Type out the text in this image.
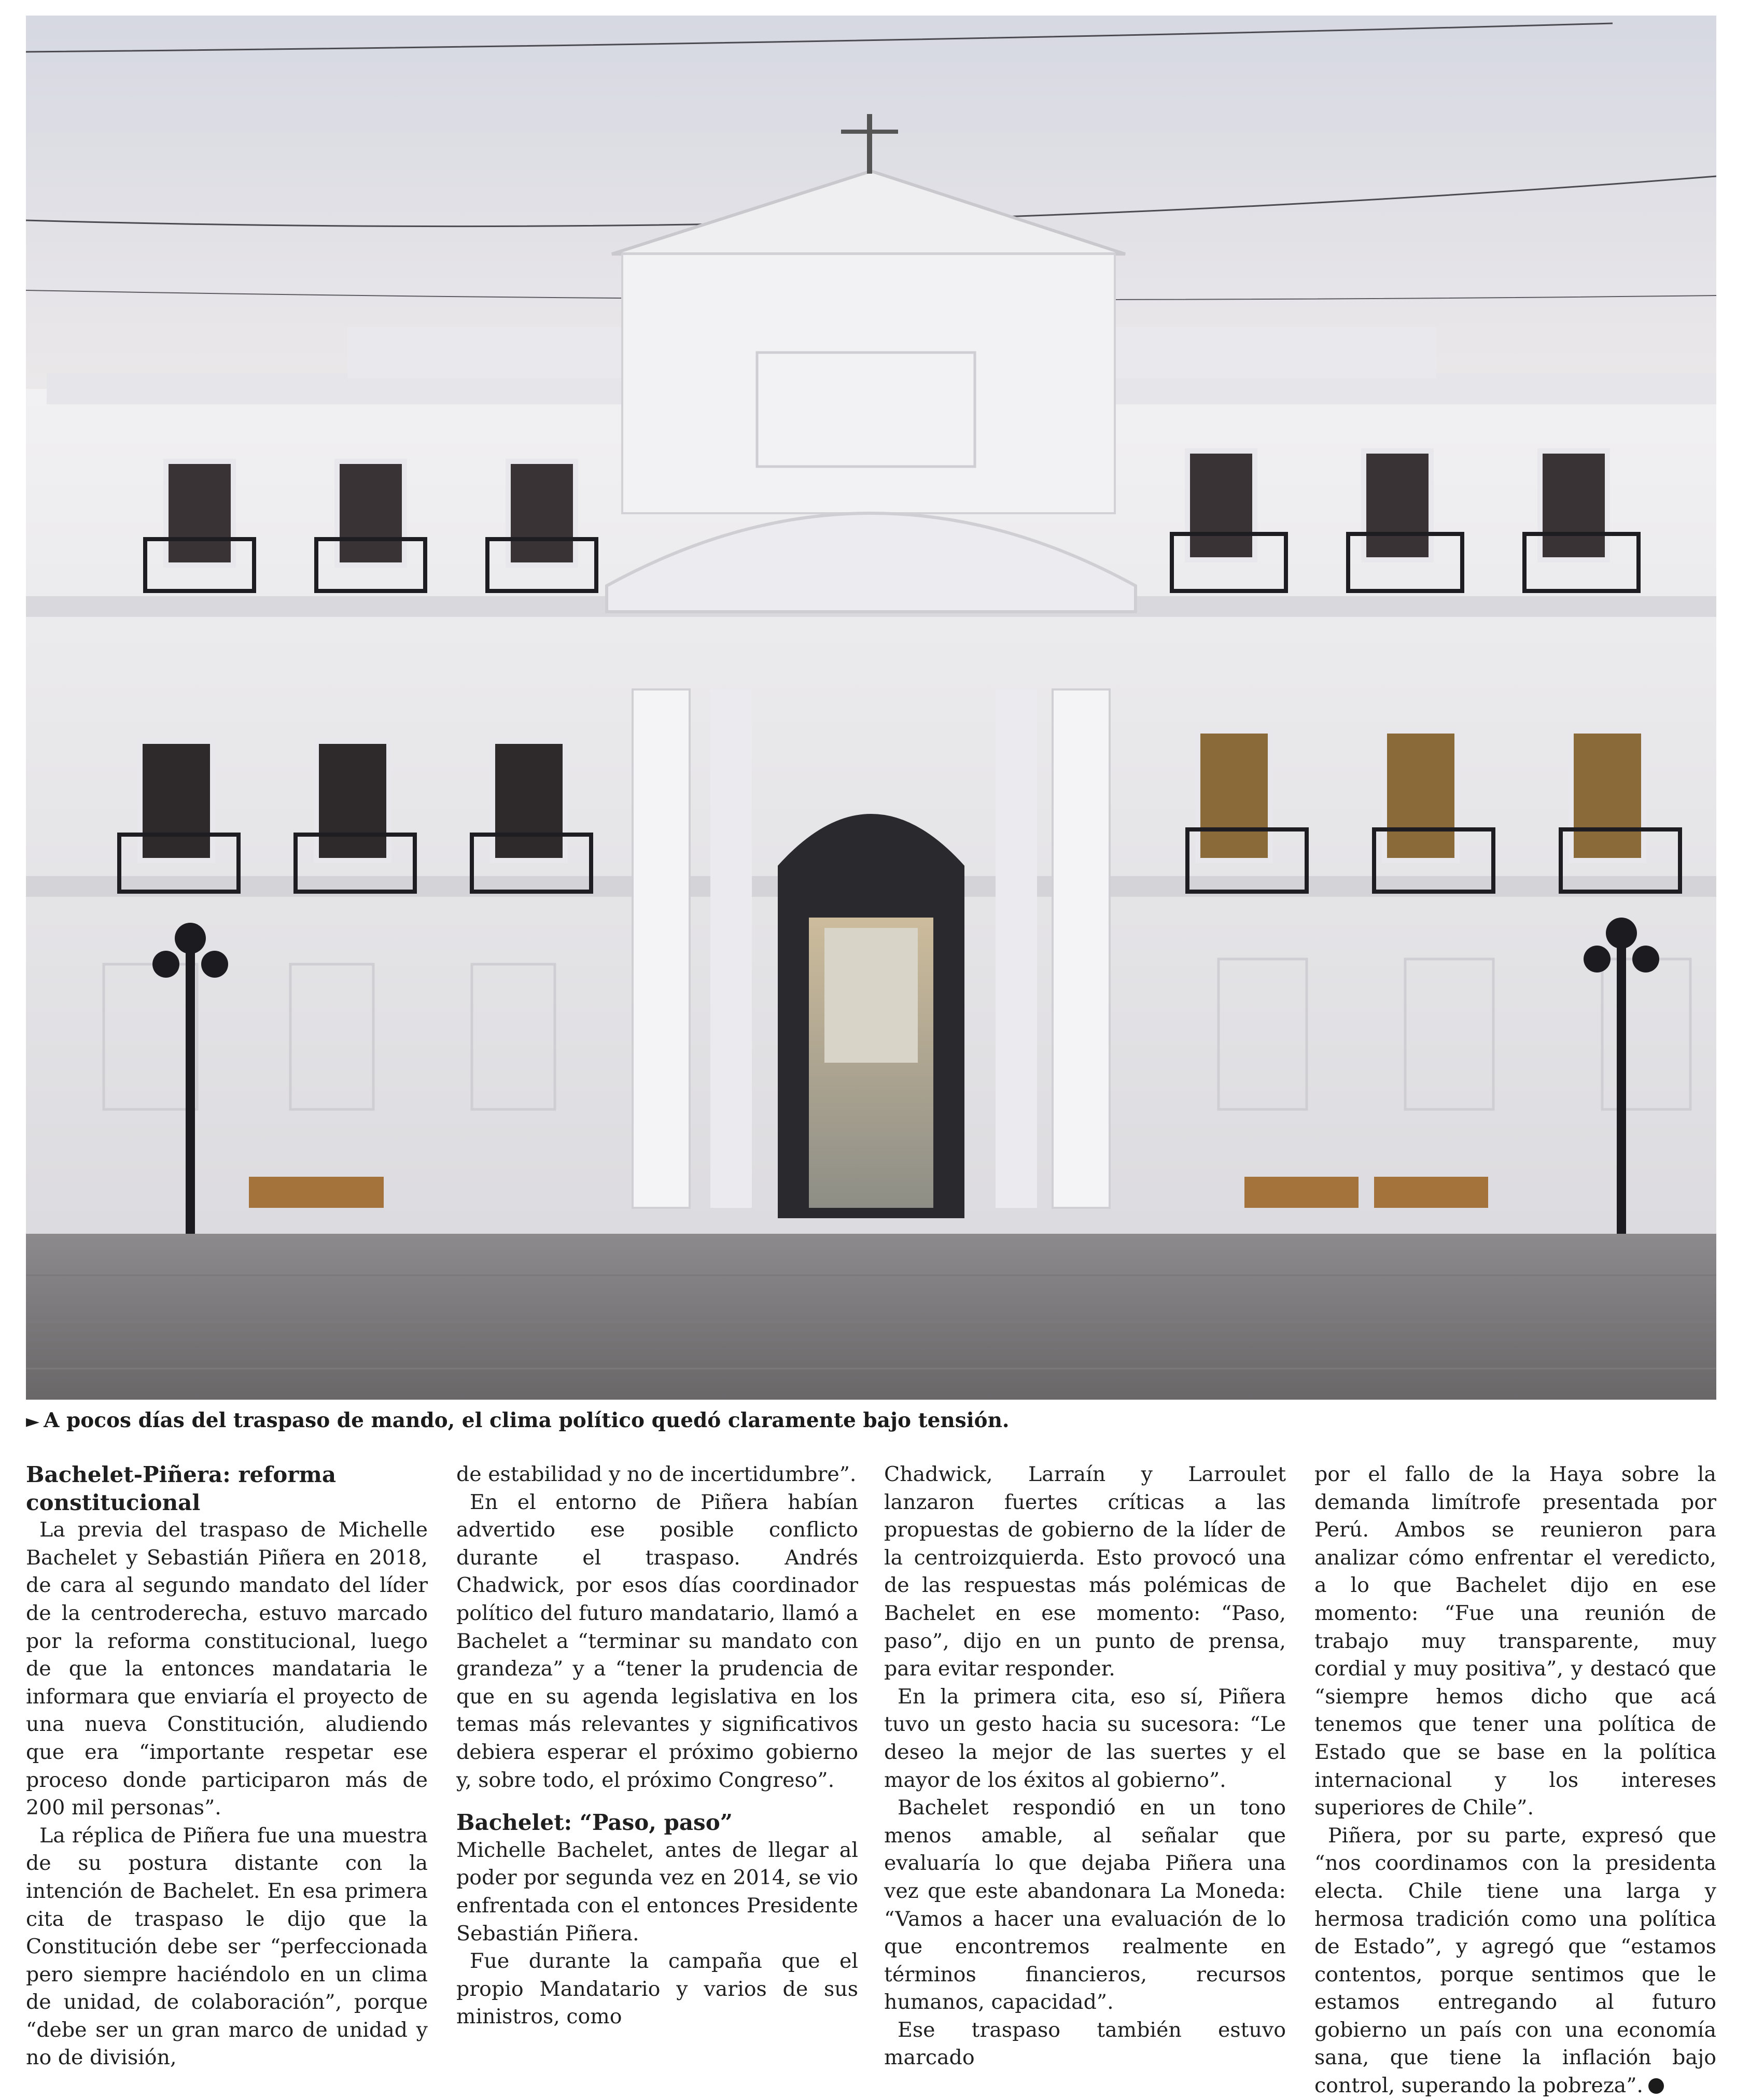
► A pocos días del traspaso de mando, el clima político quedó claramente bajo tensión.
Bachelet-Piñera: reforma constitucional

La previa del traspaso de Michelle Bachelet y Sebastián Piñera en 2018, de cara al segundo mandato del líder de la centroderecha, estuvo marcado por la reforma constitucional, luego de que la entonces mandataria le informara que enviaría el proyecto de una nueva Constitución, aludiendo que era “importante respetar ese proceso donde participaron más de 200 mil personas”.

La réplica de Piñera fue una muestra de su postura distante con la intención de Bachelet. En esa primera cita de traspaso le dijo que la Constitución debe ser “perfeccionada pero siempre haciéndolo en un clima de unidad, de colaboración”, porque “debe ser un gran marco de unidad y no de división,

de estabilidad y no de incertidumbre”.

En el entorno de Piñera habían advertido ese posible conflicto durante el traspaso. Andrés Chadwick, por esos días coordinador político del futuro mandatario, llamó a Bachelet a “terminar su mandato con grandeza” y a “tener la prudencia de que en su agenda legislativa en los temas más relevantes y significativos debiera esperar el próximo gobierno y, sobre todo, el próximo Congreso”.

Bachelet: “Paso, paso”

Michelle Bachelet, antes de llegar al poder por segunda vez en 2014, se vio enfrentada con el entonces Presidente Sebastián Piñera.

Fue durante la campaña que el propio Mandatario y varios de sus ministros, como

Chadwick, Larraín y Larroulet lanzaron fuertes críticas a las propuestas de gobierno de la líder de la centroizquierda. Esto provocó una de las respuestas más polémicas de Bachelet en ese momento: “Paso, paso”, dijo en un punto de prensa, para evitar responder.

En la primera cita, eso sí, Piñera tuvo un gesto hacia su sucesora: “Le deseo la mejor de las suertes y el mayor de los éxitos al gobierno”.

Bachelet respondió en un tono menos amable, al señalar que evaluaría lo que dejaba Piñera una vez que este abandonara La Moneda: “Vamos a hacer una evaluación de lo que encontremos realmente en términos financieros, recursos humanos, capacidad”.

Ese traspaso también estuvo marcado

por el fallo de la Haya sobre la demanda limítrofe presentada por Perú. Ambos se reunieron para analizar cómo enfrentar el veredicto, a lo que Bachelet dijo en ese momento: “Fue una reunión de trabajo muy transparente, muy cordial y muy positiva”, y destacó que “siempre hemos dicho que acá tenemos que tener una política de Estado que se base en la política internacional y los intereses superiores de Chile”.

Piñera, por su parte, expresó que “nos coordinamos con la presidenta electa. Chile tiene una larga y hermosa tradición como una política de Estado”, y agregó que “estamos contentos, porque sentimos que le estamos entregando al futuro gobierno un país con una economía sana, que tiene la inflación bajo control, superando la pobreza”.
